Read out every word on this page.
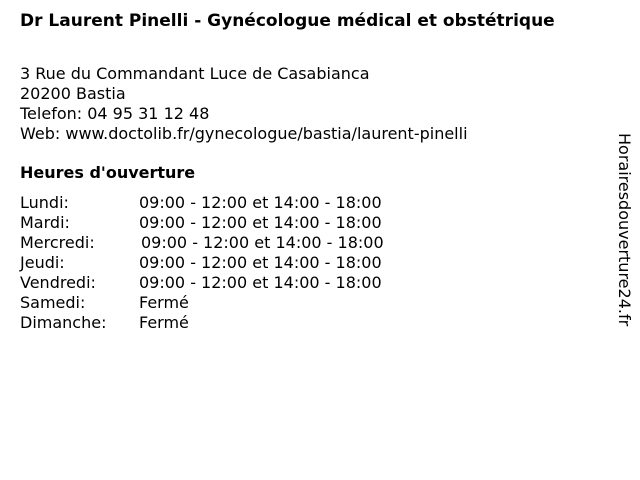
Dr Laurent Pinelli - Gynécologue médical et obstétrique
3 Rue du Commandant Luce de Casabianca
20200 Bastia
Telefon: 04 95 31 12 48
Web: www.doctolib.fr/gynecologue/bastia/laurent-pinelli
Heures d'ouverture
Lundi:	09:00 - 12:00 et 14:00 - 18:00
Mardi:	09:00 - 12:00 et 14:00 - 18:00
Mercredi:	09:00 - 12:00 et 14:00 - 18:00
Jeudi:	09:00 - 12:00 et 14:00 - 18:00
Vendredi:	09:00 - 12:00 et 14:00 - 18:00
Samedi:	Fermé
Dimanche: Fermé	Horairesdouverture24.fr
